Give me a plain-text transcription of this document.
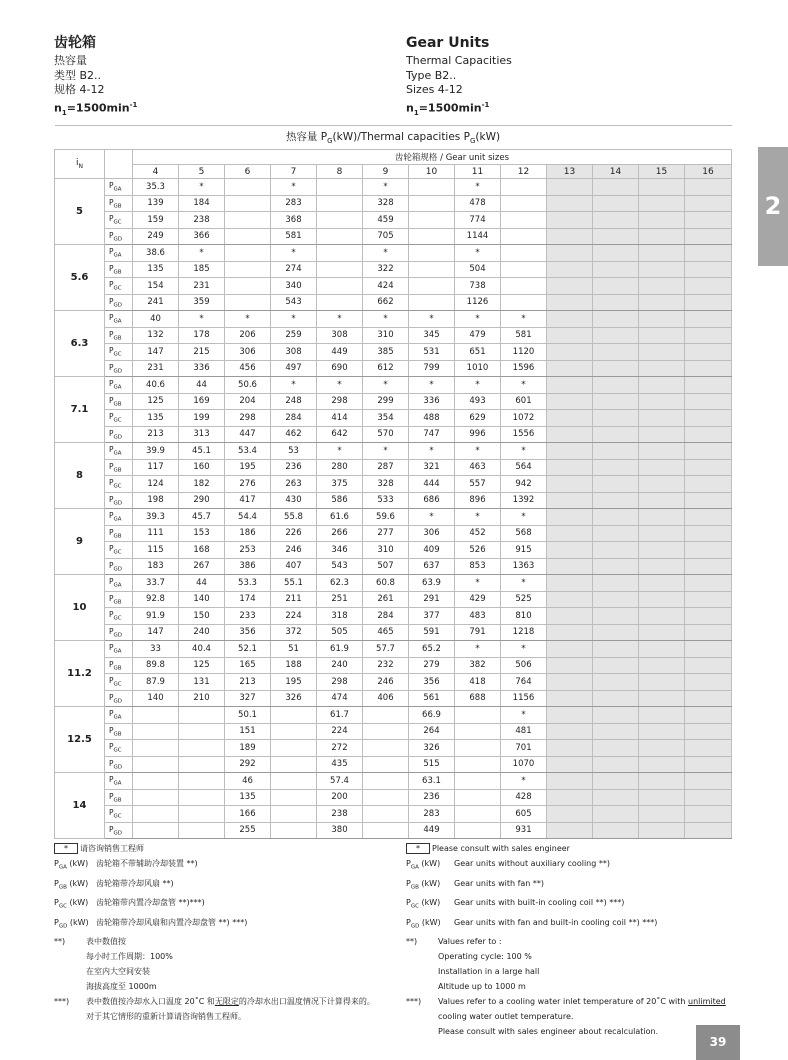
齿轮箱
热容量
类型 B2..
规格 4-12
$n_1=1500\min^{-1}$
Gear Units
Thermal Capacities
Type B2..
Sizes 4-12
$n_1=1500\min^{-1}$
2
热容量 $P_G(kW)$/Thermal capacities $P_G(kW)$														
$i_N$		齿轮箱规格 / Gear unit sizes												
		4	5	6	7	8	9	10	11	12	13	14	15	16
5	$P_{GA}$	35.3	*		*		*		*					
	$P_{GB}$	139	184		283		328		478					
	$P_{GC}$	159	238		368		459		774					
	$P_{GD}$	249	366		581		705		1144					
5.6	$P_{GA}$	38.6	*		*		*		*					
	$P_{GB}$	135	185		274		322		504					
	$P_{GC}$	154	231		340		424		738					
	$P_{GD}$	241	359		543		662		1126					
6.3	$P_{GA}$	40	*	*	*	*	*	*	*	*				
	$P_{GB}$	132	178	206	259	308	310	345	479	581				
	$P_{GC}$	147	215	306	308	449	385	531	651	1120				
	$P_{GD}$	231	336	456	497	690	612	799	1010	1596				
7.1	$P_{GA}$	40.6	44	50.6	*	*	*	*	*	*				
	$P_{GB}$	125	169	204	248	298	299	336	493	601				
	$P_{GC}$	135	199	298	284	414	354	488	629	1072				
	$P_{GD}$	213	313	447	462	642	570	747	996	1556				
8	$P_{GA}$	39.9	45.1	53.4	53	*	*	*	*	*				
	$P_{GB}$	117	160	195	236	280	287	321	463	564				
	$P_{GC}$	124	182	276	263	375	328	444	557	942				
	$P_{GD}$	198	290	417	430	586	533	686	896	1392				
9	$P_{GA}$	39.3	45.7	54.4	55.8	61.6	59.6	*	*	*				
	$P_{GB}$	111	153	186	226	266	277	306	452	568				
	$P_{GC}$	115	168	253	246	346	310	409	526	915				
	$P_{GD}$	183	267	386	407	543	507	637	853	1363				
10	$P_{GA}$	33.7	44	53.3	55.1	62.3	60.8	63.9	*	*				
	$P_{GB}$	92.8	140	174	211	251	261	291	429	525				
	$P_{GC}$	91.9	150	233	224	318	284	377	483	810				
	$P_{GD}$	147	240	356	372	505	465	591	791	1218				
11.2	$P_{GA}$	33	40.4	52.1	51	61.9	57.7	65.2	*	*				
	$P_{GB}$	89.8	125	165	188	240	232	279	382	506				
	$P_{GC}$	87.9	131	213	195	298	246	356	418	764				
	$P_{GD}$	140	210	327	326	474	406	561	688	1156				
12.5	$P_{GA}$			50.1		61.7		66.9		*				
	$P_{GB}$			151		224		264		481				
	$P_{GC}$			189		272		326		701				
	$P_{GD}$			292		435		515		1070				
14	$P_{GA}$			46		57.4		63.1		*				
	$P_{GB}$			135		200		236		428				
	$P_{GC}$			166		238		283		605				
	$P_{GD}$			255		380		449		931				
* 请咨询销售工程师
$P_{GA}$ (kW) 齿轮箱不带辅助冷却装置 **)
$P_{GB}$ (kW) 齿轮箱带冷却风扇 **)
$P_{GC}$ (kW) 齿轮箱带内置冷却盘管 **)***)
$P_{GD}$ (kW) 齿轮箱带冷却风扇和内置冷却盘管 **) ***)
**)	表中数值按
每小时工作周期：100%
在室内大空间安装
海拔高度至 1000m
***)	表中数值按冷却水入口温度 20˚C 和无限定的冷却水出口温度情况下计算得来的。
对于其它情形的重新计算请咨询销售工程师。
* Please consult with sales engineer
$P_{GA}$ (kW)	Gear units without auxiliary cooling **)
$P_{GB}$ (kW)	Gear units with fan **)
$P_{GC}$ (kW)	Gear units with built-in cooling coil **) ***)
$P_{GD}$ (kW)	Gear units with fan and built-in cooling coil **) ***)
**)	Values refer to :
Operating cycle: 100 %
Installation in a large hall
Altitude up to 1000 m
***)	Values refer to a cooling water inlet temperature of 20˚C with unlimited cooling water outlet temperature.
Please consult with sales engineer about recalculation.
39
